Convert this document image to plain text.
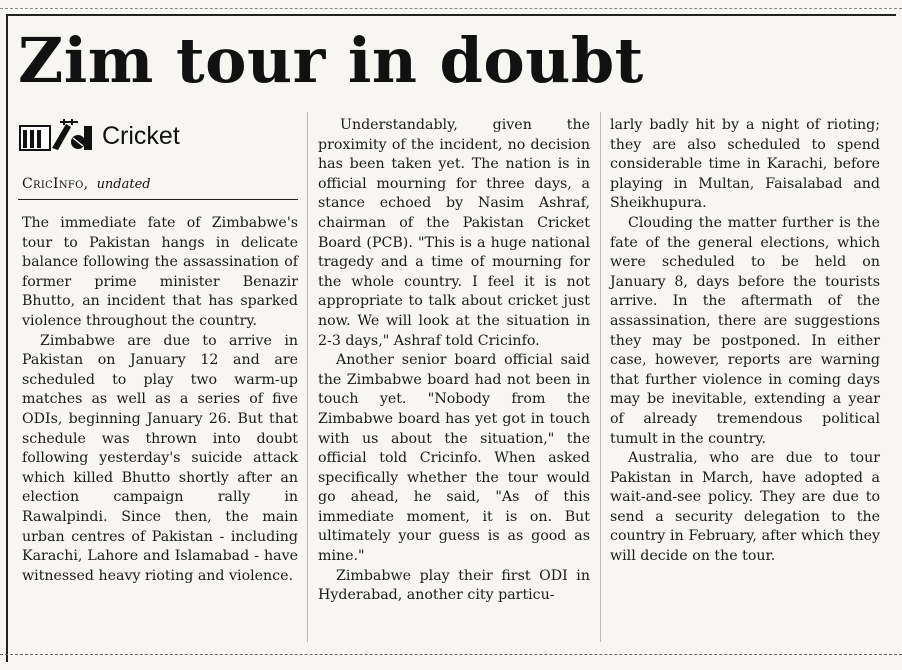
Zim tour in doubt
Cricket
CricInfo, undated

The immediate fate of Zimbabwe's tour to Pakistan hangs in delicate balance following the assassination of former prime minister Benazir Bhutto, an incident that has sparked violence throughout the country.

Zimbabwe are due to arrive in Pakistan on January 12 and are scheduled to play two warm-up matches as well as a series of five ODIs, beginning January 26. But that schedule was thrown into doubt following yesterday's suicide attack which killed Bhutto shortly after an election campaign rally in Rawalpindi. Since then, the main urban centres of Pakistan - including Karachi, Lahore and Islamabad - have witnessed heavy rioting and violence.

Understandably, given the proximity of the incident, no decision has been taken yet. The nation is in official mourning for three days, a stance echoed by Nasim Ashraf, chairman of the Pakistan Cricket Board (PCB). "This is a huge national tragedy and a time of mourning for the whole country. I feel it is not appropriate to talk about cricket just now. We will look at the situation in 2-3 days," Ashraf told Cricinfo.

Another senior board official said the Zimbabwe board had not been in touch yet. "Nobody from the Zimbabwe board has yet got in touch with us about the situation," the official told Cricinfo. When asked specifically whether the tour would go ahead, he said, "As of this immediate moment, it is on. But ultimately your guess is as good as mine."

Zimbabwe play their first ODI in Hyderabad, another city particu-

larly badly hit by a night of rioting; they are also scheduled to spend considerable time in Karachi, before playing in Multan, Faisalabad and Sheikhupura.

Clouding the matter further is the fate of the general elections, which were scheduled to be held on January 8, days before the tourists arrive. In the aftermath of the assassination, there are suggestions they may be postponed. In either case, however, reports are warning that further violence in coming days may be inevitable, extending a year of already tremendous political tumult in the country.

Australia, who are due to tour Pakistan in March, have adopted a wait-and-see policy. They are due to send a security delegation to the country in February, after which they will decide on the tour.
